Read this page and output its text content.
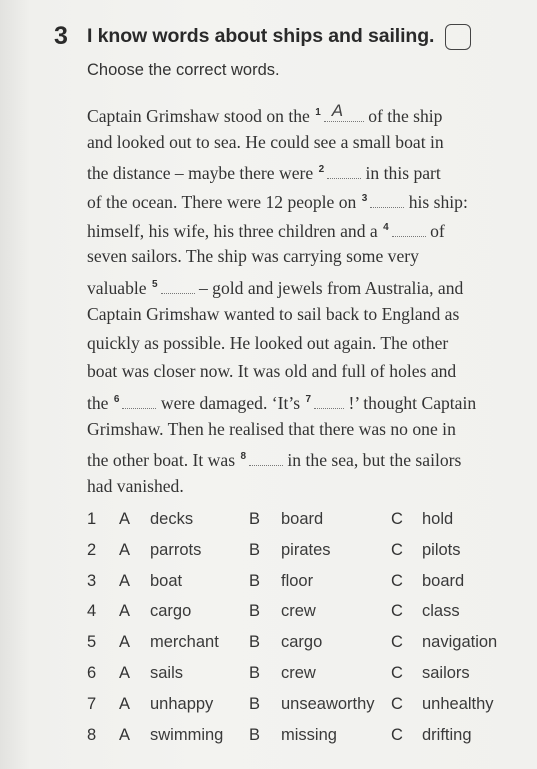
3 I know words about ships and sailing.
Choose the correct words.
Captain Grimshaw stood on the $^1$ A of the ship
and looked out to sea. He could see a small boat in
the distance – maybe there were $^2$ in this part
of the ocean. There were 12 people on $^3$ his ship:
himself, his wife, his three children and a $^4$ of
seven sailors. The ship was carrying some very
valuable $^5$ – gold and jewels from Australia, and
Captain Grimshaw wanted to sail back to England as
quickly as possible. He looked out again. The other
boat was closer now. It was old and full of holes and
the $^6$ were damaged. ‘It’s $^7$ !’ thought Captain
Grimshaw. Then he realised that there was no one in
the other boat. It was $^8$ in the sea, but the sailors
had vanished.
1 A decks	B board	C hold
2 A parrots	B pirates	C pilots
3 A boat	B floor	C board
4 A cargo	B crew	C class
5 A merchant B cargo	C navigation
6 A sails	B crew	C sailors
7 A unhappy B unseaworthy C unhealthy
8 A swimming B missing	C drifting
